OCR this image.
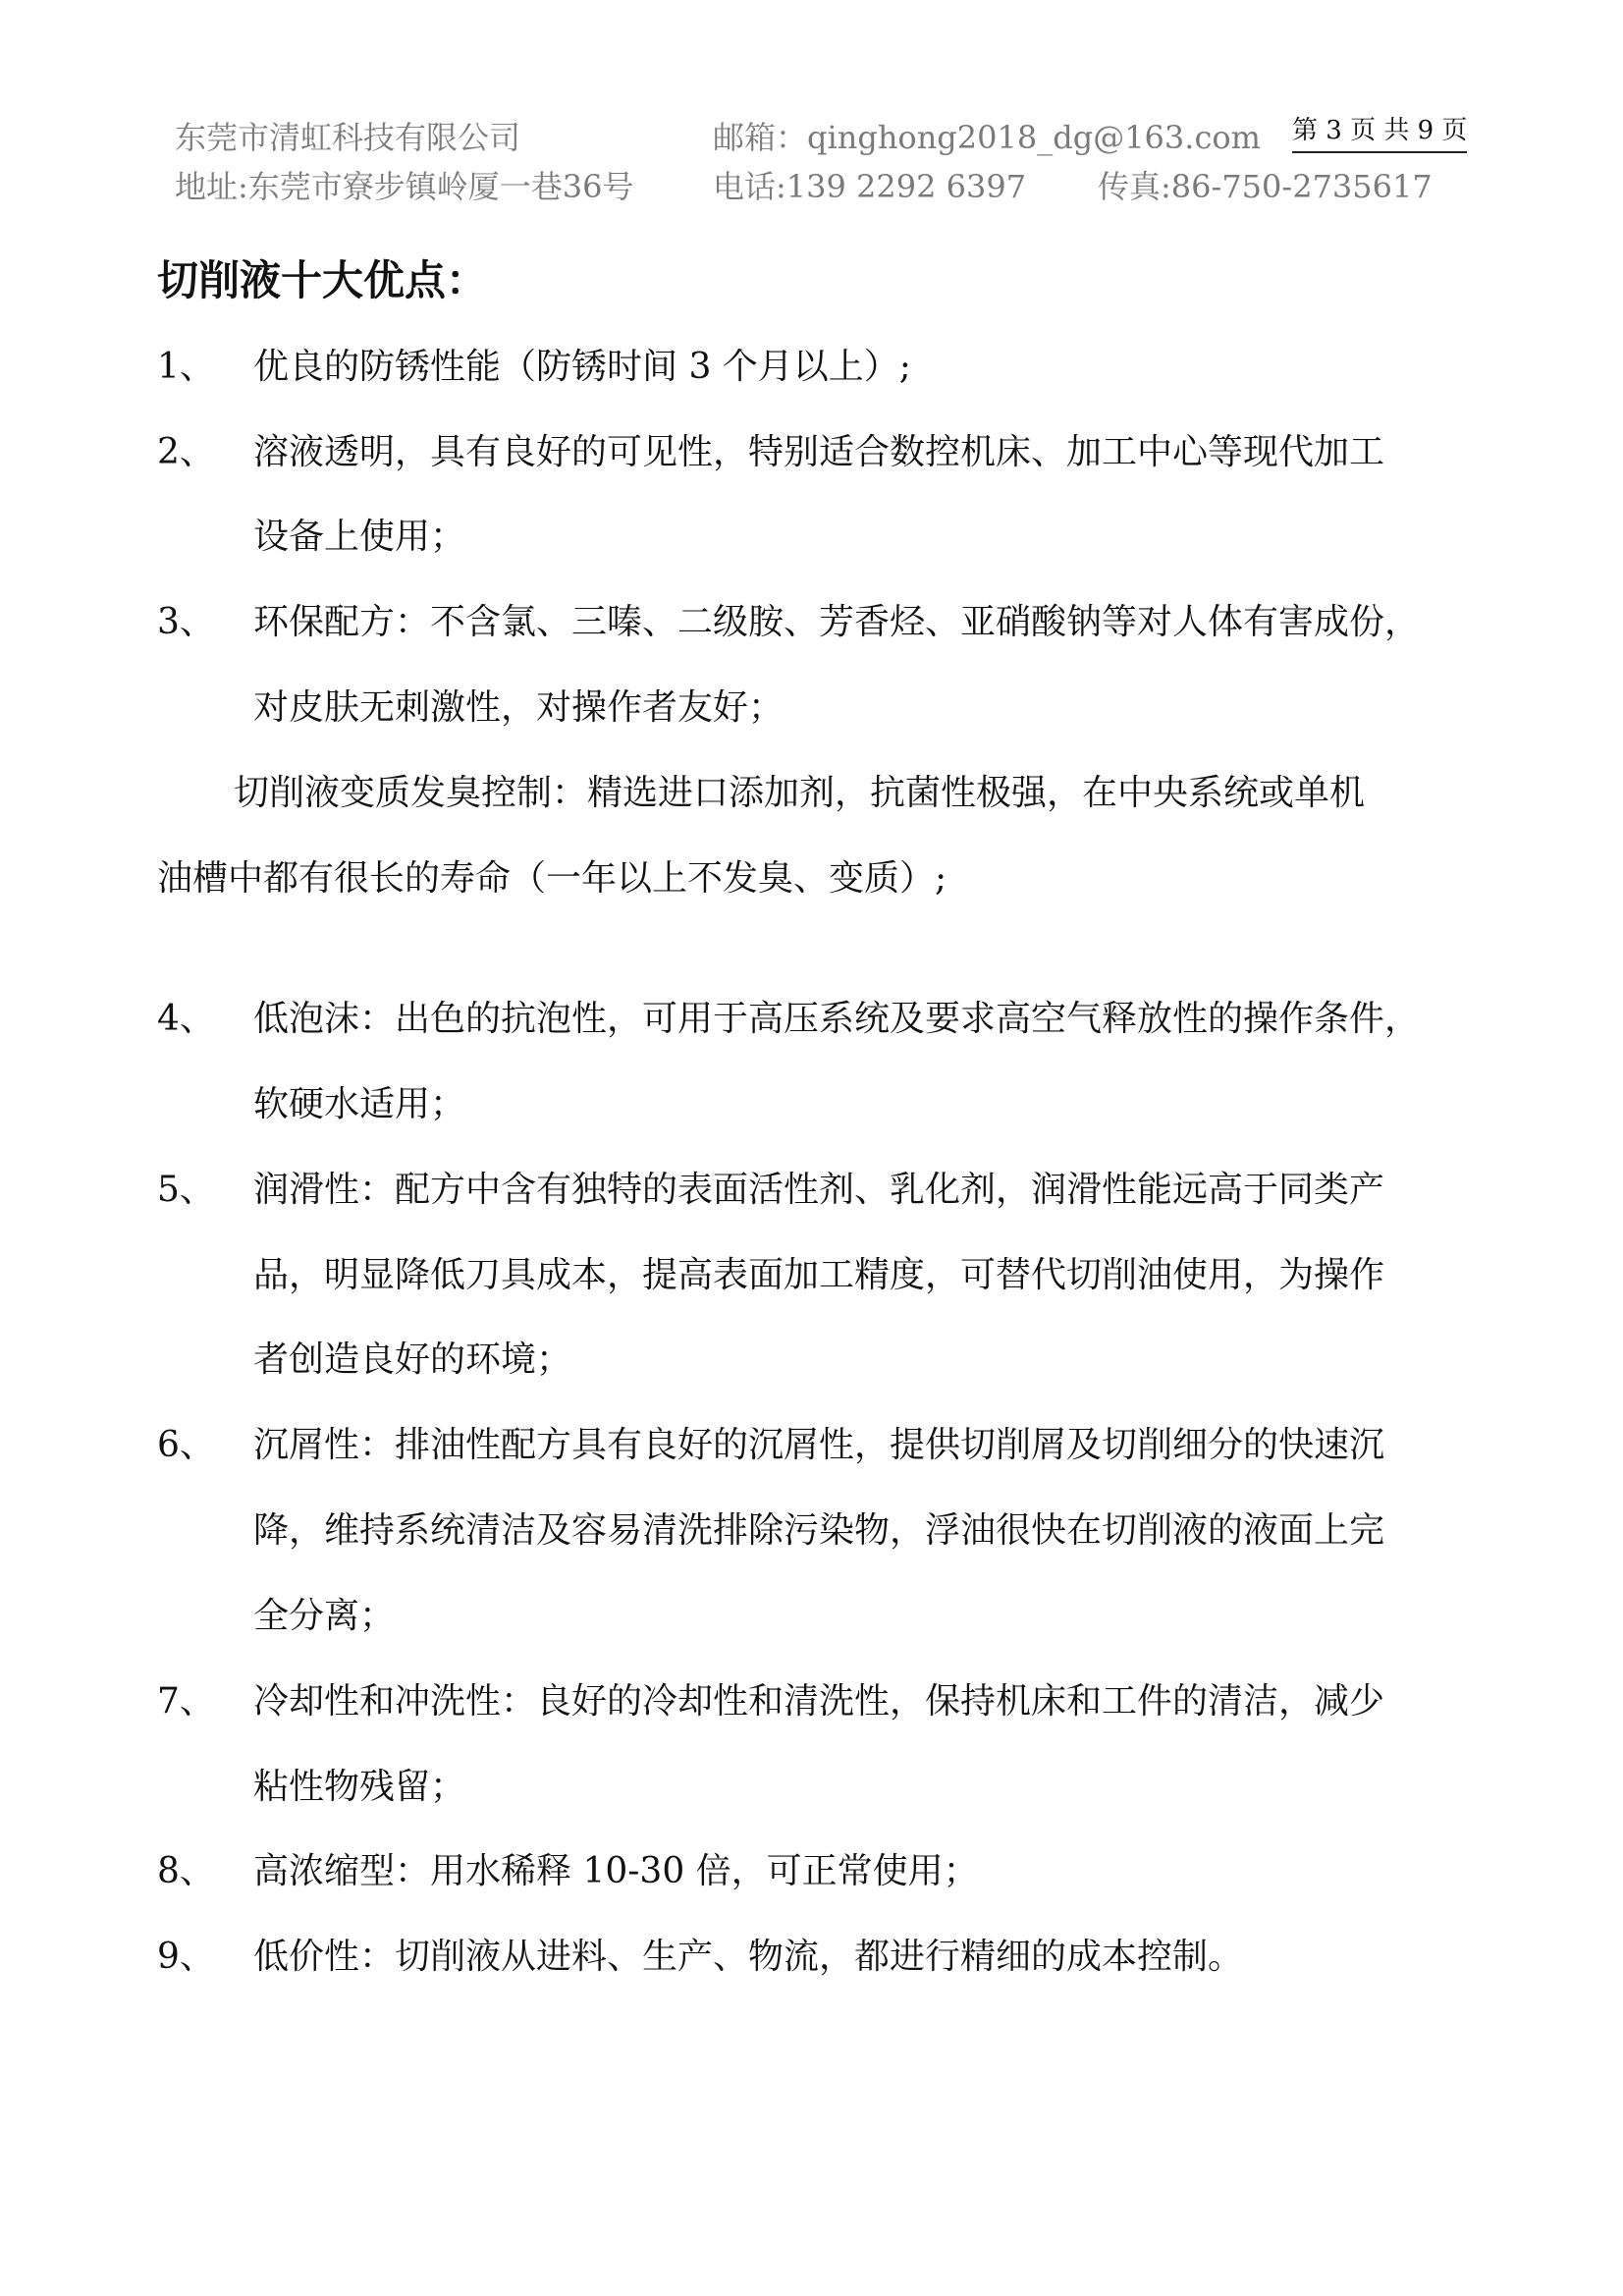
东莞市清虹科技有限公司	邮箱：qinghong2018_dg@163.com 第 3 页 共 9 页
地址:东莞市寮步镇岭厦一巷36号	电话:139 2292 6397 传真:86-750-2735617
切削液十大优点：
1、 优良的防锈性能（防锈时间 3 个月以上）;
2、 溶液透明，具有良好的可见性，特别适合数控机床、加工中心等现代加工
设备上使用；
3、 环保配方：不含氯、三嗪、二级胺、芳香烃、亚硝酸钠等对人体有害成份，
对皮肤无刺激性，对操作者友好；
切削液变质发臭控制：精选进口添加剂，抗菌性极强，在中央系统或单机
油槽中都有很长的寿命（一年以上不发臭、变质）;
4、 低泡沫：出色的抗泡性，可用于高压系统及要求高空气释放性的操作条件，
软硬水适用；
5、 润滑性：配方中含有独特的表面活性剂、乳化剂，润滑性能远高于同类产
品，明显降低刀具成本，提高表面加工精度，可替代切削油使用，为操作
者创造良好的环境；
6、 沉屑性：排油性配方具有良好的沉屑性，提供切削屑及切削细分的快速沉
降，维持系统清洁及容易清洗排除污染物，浮油很快在切削液的液面上完
全分离；
7、 冷却性和冲洗性：良好的冷却性和清洗性，保持机床和工件的清洁，减少
粘性物残留；
8、 高浓缩型：用水稀释 10-30 倍，可正常使用；
9、 低价性：切削液从进料、生产、物流，都进行精细的成本控制。
